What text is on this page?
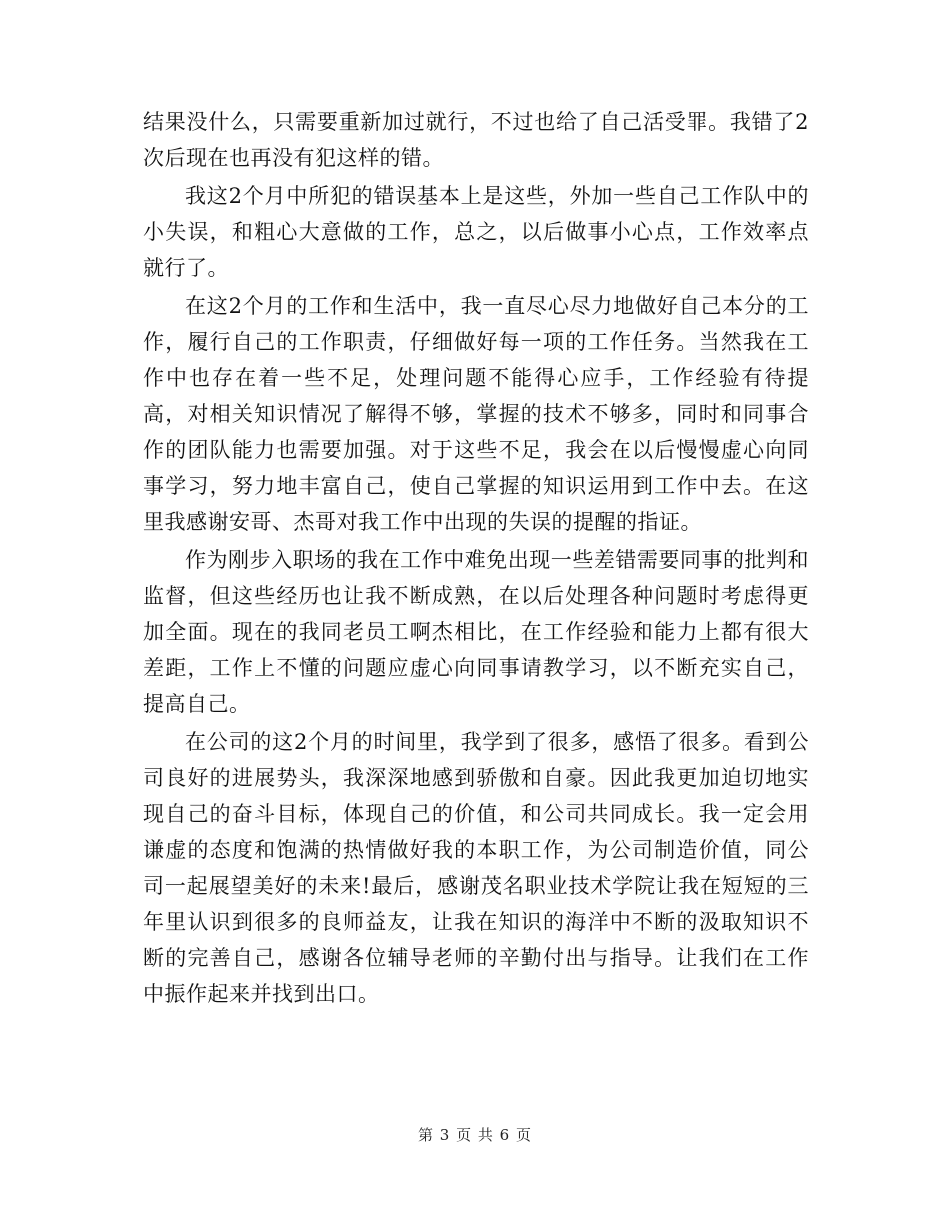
结果没什么，只需要重新加过就行，不过也给了自己活受罪。我错了2次后现在也再没有犯这样的错。

我这2个月中所犯的错误基本上是这些，外加一些自己工作队中的小失误，和粗心大意做的工作，总之，以后做事小心点，工作效率点就行了。

在这2个月的工作和生活中，我一直尽心尽力地做好自己本分的工作，履行自己的工作职责，仔细做好每一项的工作任务。当然我在工作中也存在着一些不足，处理问题不能得心应手，工作经验有待提高，对相关知识情况了解得不够，掌握的技术不够多，同时和同事合作的团队能力也需要加强。对于这些不足，我会在以后慢慢虚心向同事学习，努力地丰富自己，使自己掌握的知识运用到工作中去。在这里我感谢安哥、杰哥对我工作中出现的失误的提醒的指证。

作为刚步入职场的我在工作中难免出现一些差错需要同事的批判和监督，但这些经历也让我不断成熟，在以后处理各种问题时考虑得更加全面。现在的我同老员工啊杰相比，在工作经验和能力上都有很大差距，工作上不懂的问题应虚心向同事请教学习，以不断充实自己，提高自己。

在公司的这2个月的时间里，我学到了很多，感悟了很多。看到公司良好的进展势头，我深深地感到骄傲和自豪。因此我更加迫切地实现自己的奋斗目标，体现自己的价值，和公司共同成长。我一定会用谦虚的态度和饱满的热情做好我的本职工作，为公司制造价值，同公司一起展望美好的未来!最后，感谢茂名职业技术学院让我在短短的三年里认识到很多的良师益友，让我在知识的海洋中不断的汲取知识不断的完善自己，感谢各位辅导老师的辛勤付出与指导。让我们在工作中振作起来并找到出口。

第 3 页 共 6 页
